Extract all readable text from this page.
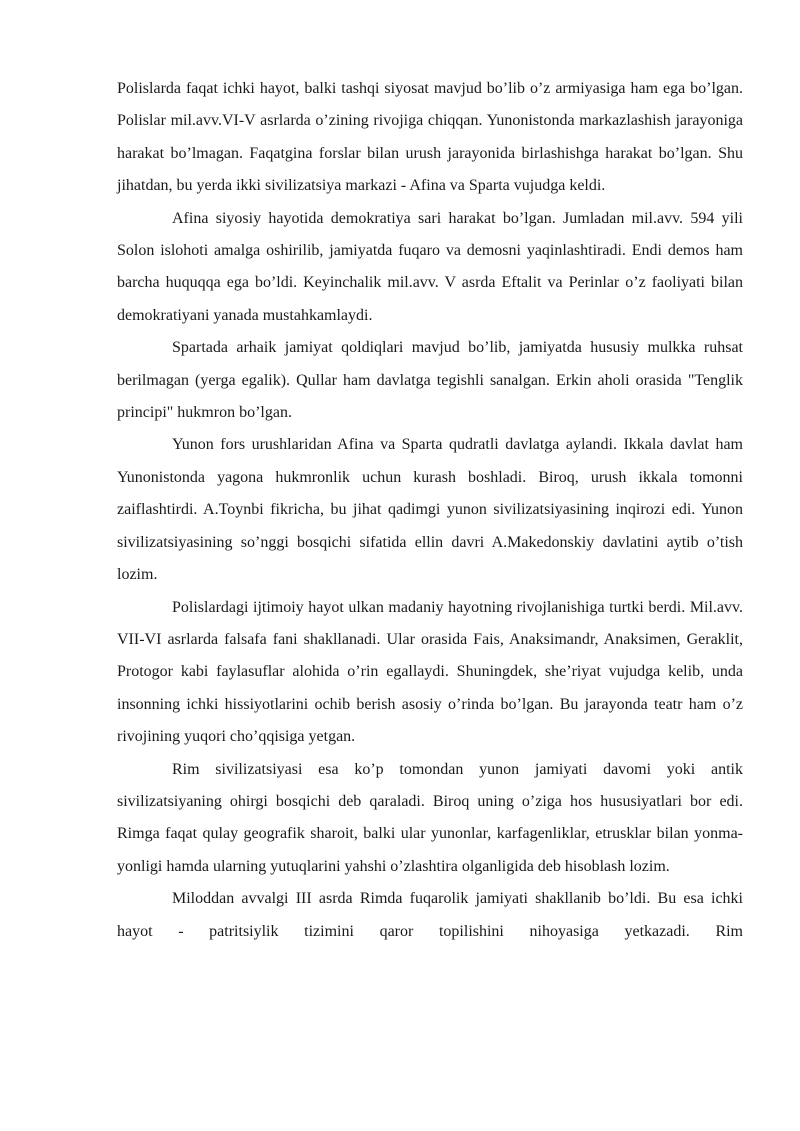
Polislarda faqat ichki hayot, balki tashqi siyosat mavjud bo’lib o’z armiyasiga ham ega bo’lgan. Polislar mil.avv.VI-V asrlarda o’zining rivojiga chiqqan. Yunonistonda markazlashish jarayoniga harakat bo’lmagan. Faqatgina forslar bilan urush jarayonida birlashishga harakat bo’lgan. Shu jihatdan, bu yerda ikki sivilizatsiya markazi - Afina va Sparta vujudga keldi.

Afina siyosiy hayotida demokratiya sari harakat bo’lgan. Jumladan mil.avv. 594 yili Solon islohoti amalga oshirilib, jamiyatda fuqaro va demosni yaqinlashtiradi. Endi demos ham barcha huquqqa ega bo’ldi. Keyinchalik mil.avv. V asrda Eftalit va Perinlar o’z faoliyati bilan demokratiyani yanada mustahkamlaydi.

Spartada arhaik jamiyat qoldiqlari mavjud bo’lib, jamiyatda hususiy mulkka ruhsat berilmagan (yerga egalik). Qullar ham davlatga tegishli sanalgan. Erkin aholi orasida "Tenglik principi" hukmron bo’lgan.

Yunon fors urushlaridan Afina va Sparta qudratli davlatga aylandi. Ikkala davlat ham Yunonistonda yagona hukmronlik uchun kurash boshladi. Biroq, urush ikkala tomonni zaiflashtirdi. A.Toynbi fikricha, bu jihat qadimgi yunon sivilizatsiyasining inqirozi edi. Yunon sivilizatsiyasining so’nggi bosqichi sifatida ellin davri A.Makedonskiy davlatini aytib o’tish lozim.

Polislardagi ijtimoiy hayot ulkan madaniy hayotning rivojlanishiga turtki berdi. Mil.avv. VII-VI asrlarda falsafa fani shakllanadi. Ular orasida Fais, Anaksimandr, Anaksimen, Geraklit, Protogor kabi faylasuflar alohida o’rin egallaydi. Shuningdek, she’riyat vujudga kelib, unda insonning ichki hissiyotlarini ochib berish asosiy o’rinda bo’lgan. Bu jarayonda teatr ham o’z rivojining yuqori cho’qqisiga yetgan.

Rim sivilizatsiyasi esa ko’p tomondan yunon jamiyati davomi yoki antik sivilizatsiyaning ohirgi bosqichi deb qaraladi. Biroq uning o’ziga hos hususiyatlari bor edi. Rimga faqat qulay geografik sharoit, balki ular yunonlar, karfagenliklar, etrusklar bilan yonma-yonligi hamda ularning yutuqlarini yahshi o’zlashtira olganligida deb hisoblash lozim.

Miloddan avvalgi III asrda Rimda fuqarolik jamiyati shakllanib bo’ldi. Bu esa ichki hayot - patritsiylik tizimini qaror topilishini nihoyasiga yetkazadi. Rim
